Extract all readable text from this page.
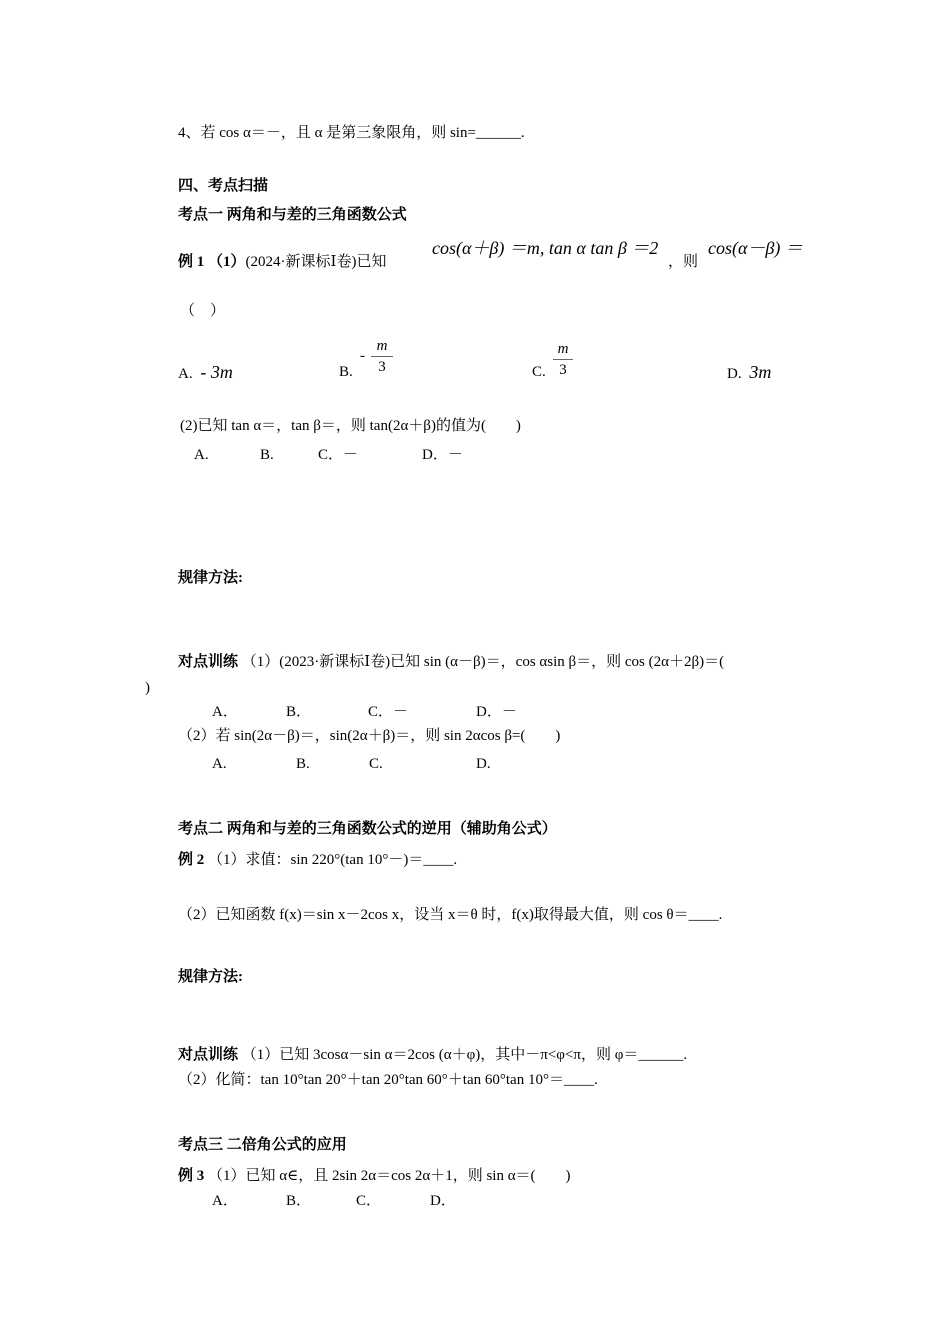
4、若 cos α＝－，且 α 是第三象限角，则 sin=______.
四、考点扫描
考点一 两角和与差的三角函数公式
例 1 （1）(2024·新课标Ⅰ卷)已知
cos(α＋β) ＝m, tan α tan β ＝2
，则
cos(α－β) ＝
（　）
A. - 3m	B.
-
m
3	C.
m
3	D. 3m
(2)已知 tan α＝，tan β＝，则 tan(2α＋β)的值为(　　)
A.	B.	C．－	D．－
规律方法:
对点训练 （1）(2023·新课标Ⅰ卷)已知 sin (α－β)＝，cos αsin β＝，则 cos (2α＋2β)＝(
)
A．	B．	C．－	D．－
（2）若 sin(2α－β)＝，sin(2α＋β)＝，则 sin 2αcos β=(　　)
A.	B.	C.	D.
考点二 两角和与差的三角函数公式的逆用（辅助角公式）
例 2 （1）求值：sin 220°(tan 10°－)＝____.
（2）已知函数 f(x)＝sin x－2cos x，设当 x＝θ 时，f(x)取得最大值，则 cos θ＝____.
规律方法:
对点训练 （1）已知 3cosα－sin α＝2cos (α＋φ)，其中－π<φ<π，则 φ＝______.
（2）化简：tan 10°tan 20°＋tan 20°tan 60°＋tan 60°tan 10°＝____.
考点三 二倍角公式的应用
例 3 （1）已知 α∈，且 2sin 2α＝cos 2α＋1，则 sin α＝(　　)
A．	B．	C．	D．
